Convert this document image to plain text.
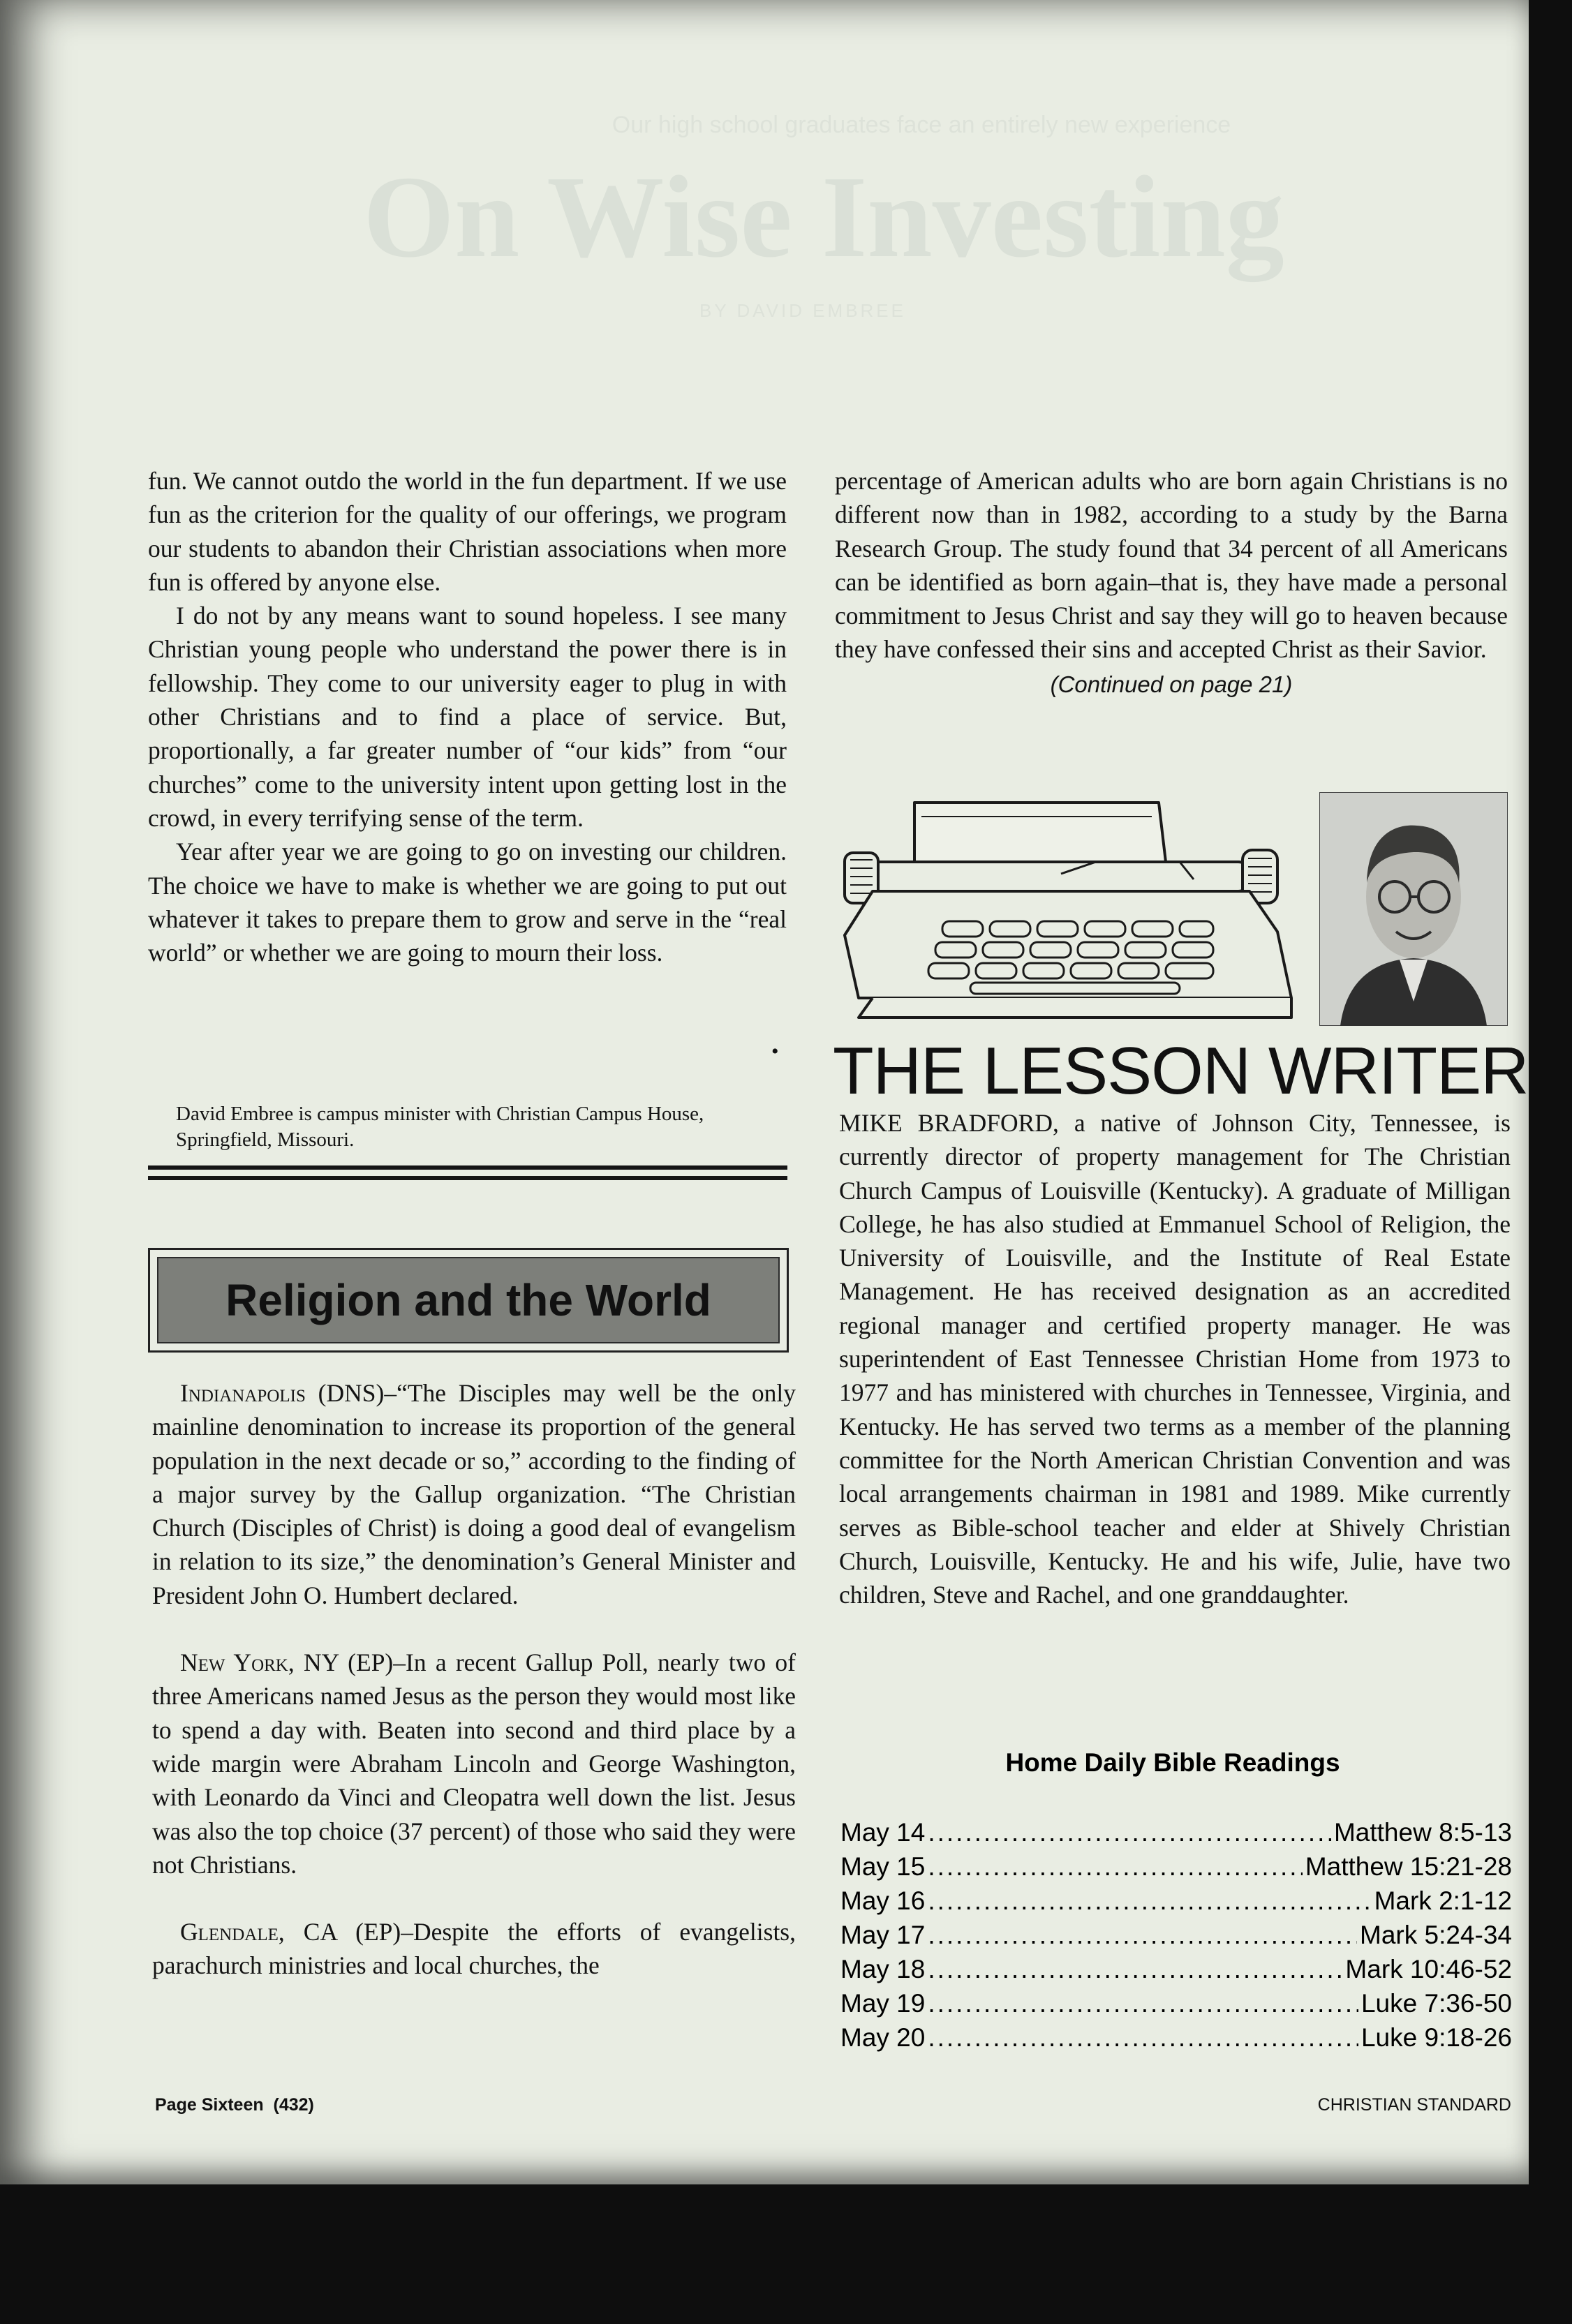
Our high school graduates face an entirely new experience
On Wise Investing
BY DAVID EMBREE

fun. We cannot outdo the world in the fun department. If we use fun as the criterion for the quality of our offerings, we program our students to abandon their Christian associations when more fun is offered by anyone else.

I do not by any means want to sound hopeless. I see many Christian young people who understand the power there is in fellowship. They come to our university eager to plug in with other Christians and to find a place of service. But, proportionally, a far greater number of “our kids” from “our churches” come to the university intent upon getting lost in the crowd, in every terrifying sense of the term.

Year after year we are going to go on investing our children. The choice we have to make is whether we are going to put out whatever it takes to prepare them to grow and serve in the “real world” or whether we are going to mourn their loss.

•
David Embree is campus minister with Christian Campus House, Springfield, Missouri.
Religion and the World

Indianapolis (DNS)–“The Disciples may well be the only mainline denomination to increase its proportion of the general population in the next decade or so,” according to the finding of a major survey by the Gallup organization. “The Christian Church (Disciples of Christ) is doing a good deal of evangelism in relation to its size,” the denomination’s General Minister and President John O. Humbert declared.

New York, NY (EP)–In a recent Gallup Poll, nearly two of three Americans named Jesus as the person they would most like to spend a day with. Beaten into second and third place by a wide margin were Abraham Lincoln and George Washington, with Leonardo da Vinci and Cleopatra well down the list. Jesus was also the top choice (37 percent) of those who said they were not Christians.

Glendale, CA (EP)–Despite the efforts of evangelists, parachurch ministries and local churches, the

percentage of American adults who are born again Christians is no different now than in 1982, according to a study by the Barna Research Group. The study found that 34 percent of all Americans can be identified as born again–that is, they have made a personal commitment to Jesus Christ and say they will go to heaven because they have confessed their sins and accepted Christ as their Savior.

(Continued on page 21)
THE LESSON WRITER

MIKE BRADFORD, a native of Johnson City, Tennessee, is currently director of property management for The Christian Church Campus of Louisville (Kentucky). A graduate of Milligan College, he has also studied at Emmanuel School of Religion, the University of Louisville, and the Institute of Real Estate Management. He has received designation as an accredited regional manager and certified property manager. He was superintendent of East Tennessee Christian Home from 1973 to 1977 and has ministered with churches in Tennessee, Virginia, and Kentucky. He has served two terms as a member of the planning committee for the North American Christian Convention and was local arrangements chairman in 1981 and 1989. Mike currently serves as Bible-school teacher and elder at Shively Christian Church, Louisville, Kentucky. He and his wife, Julie, have two children, Steve and Rachel, and one granddaughter.

Home Daily Bible Readings
May 14 .....	Matthew 8:5-13
May 15 .....	Matthew 15:21-28
May 16 .....	Mark 2:1-12
May 17 .....	Mark 5:24-34
May 18 .....	Mark 10:46-52
May 19 .....	Luke 7:36-50
May 20 .....	Luke 9:18-26
Page Sixteen  (432)	CHRISTIAN STANDARD
